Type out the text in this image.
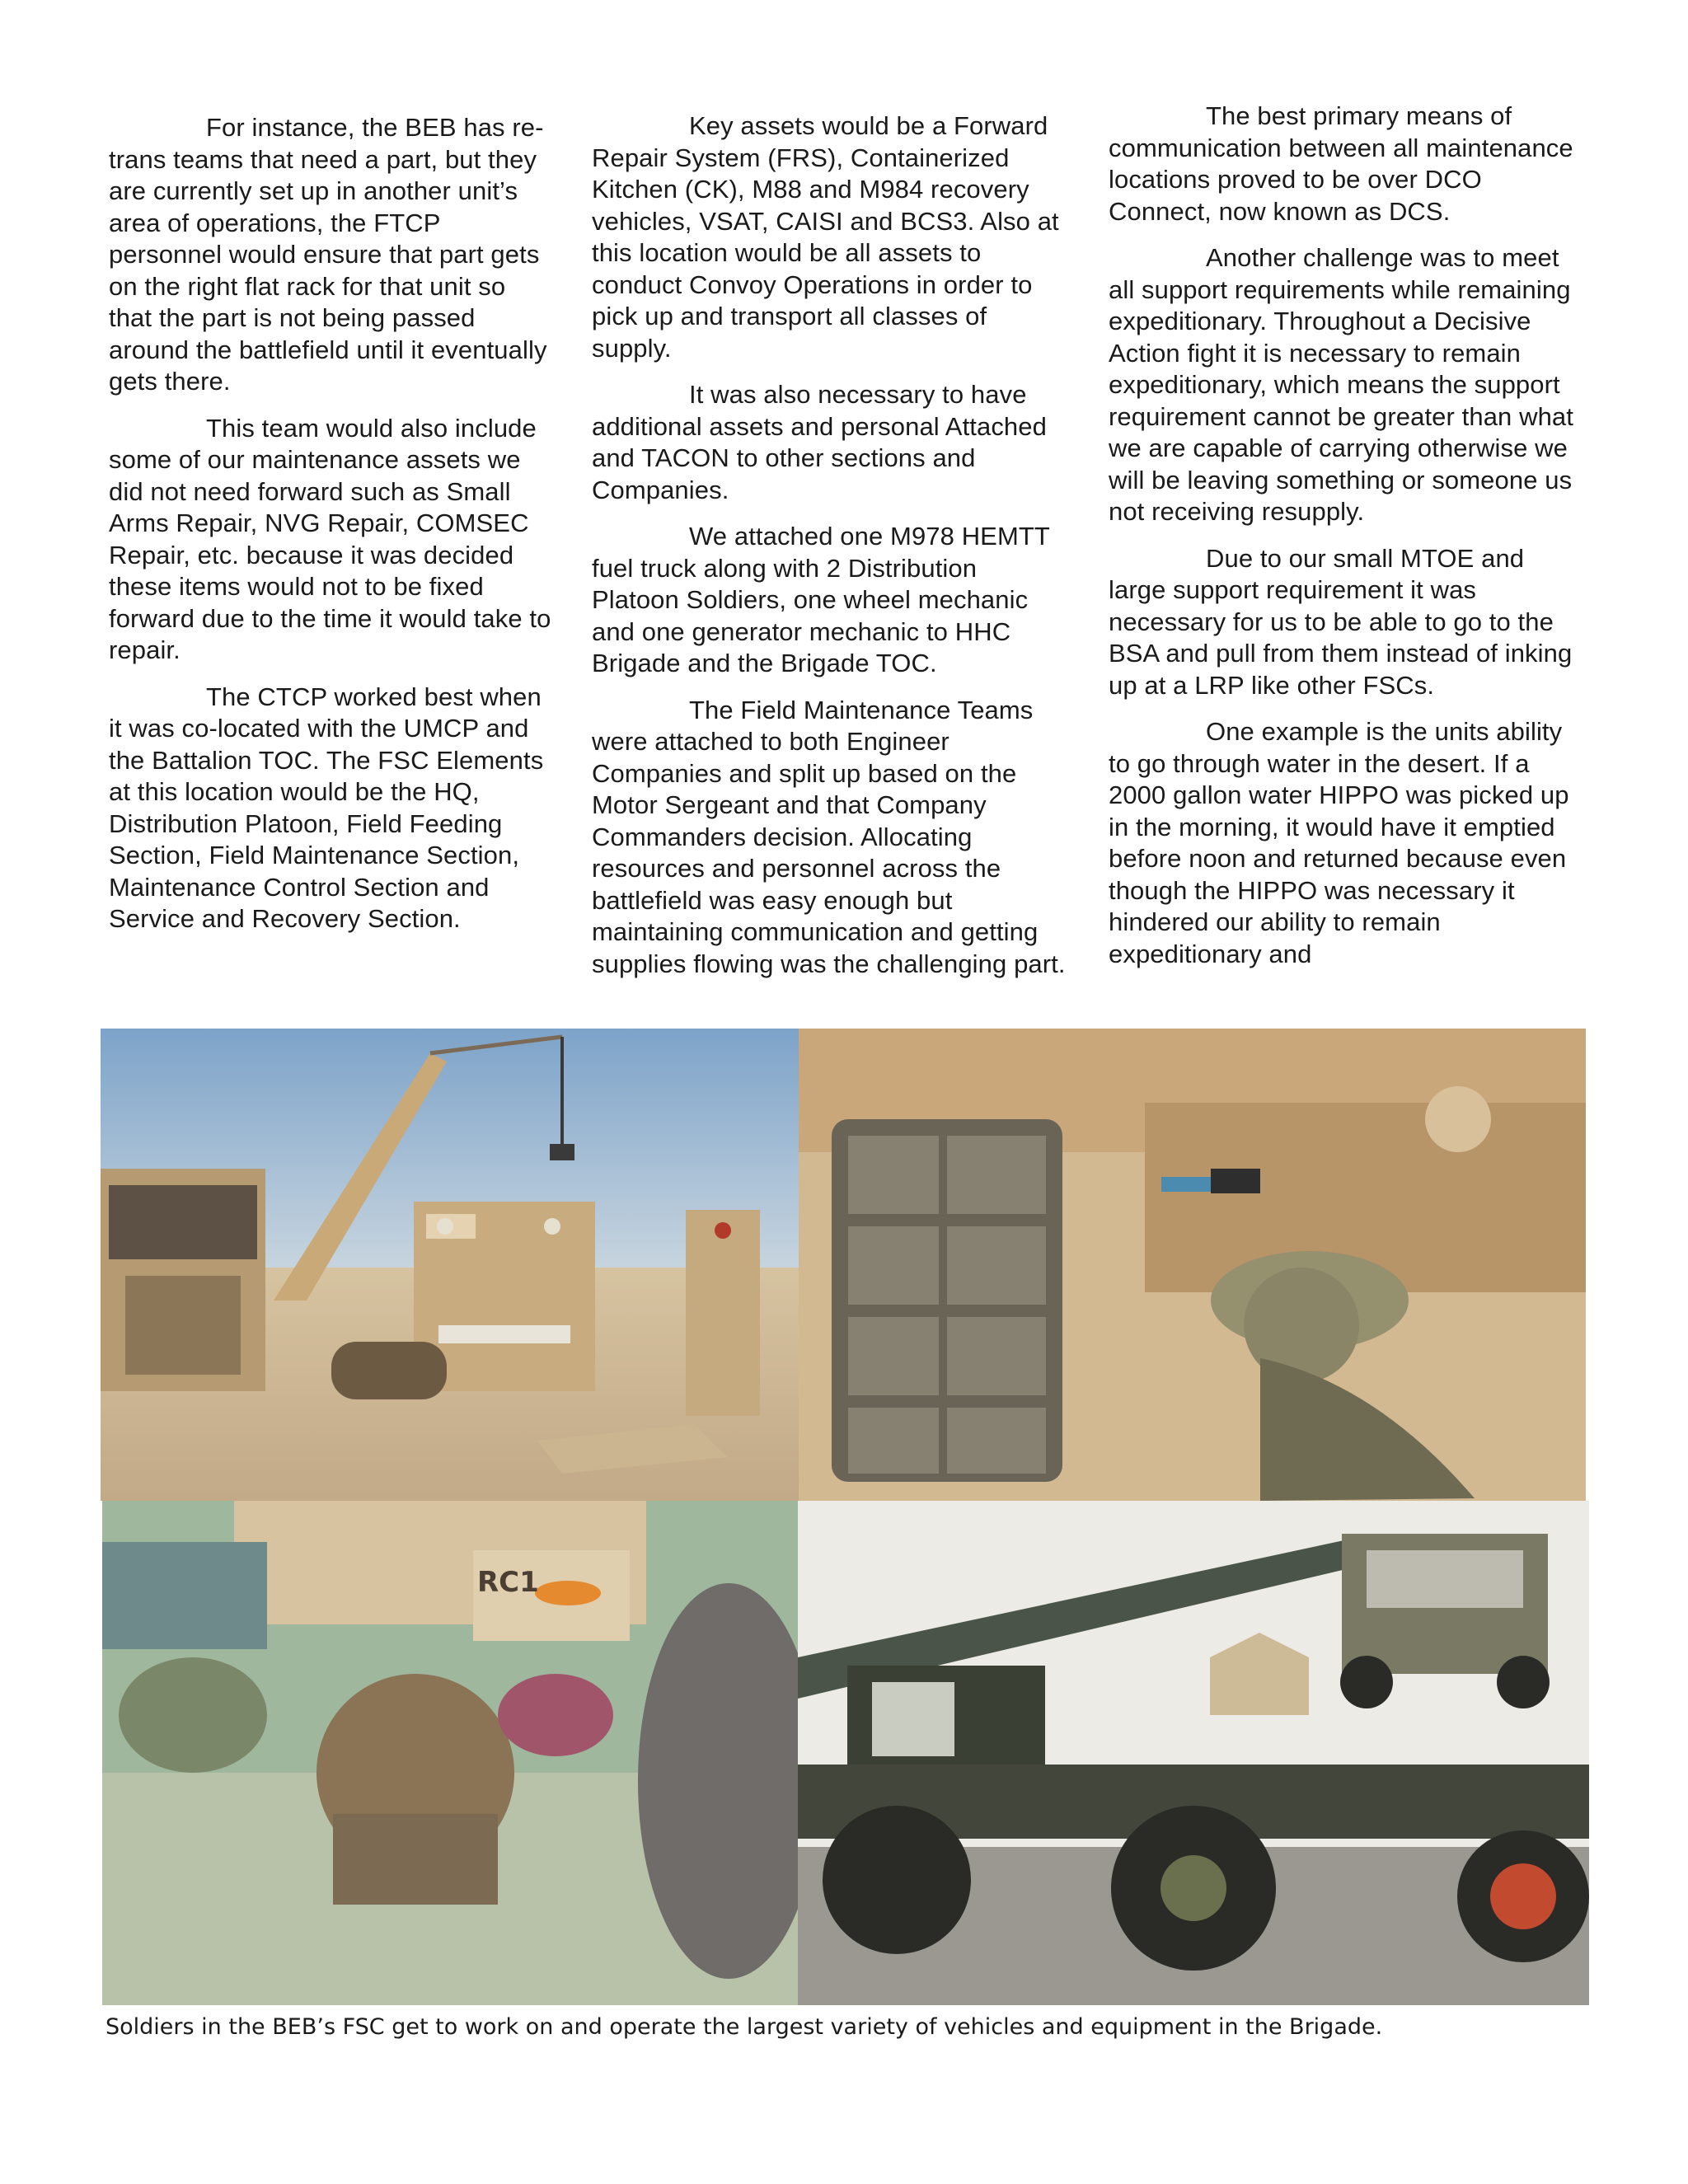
For instance, the BEB has re-trans teams that need a part, but they are currently set up in another unit’s area of operations, the FTCP personnel would ensure that part gets on the right flat rack for that unit so that the part is not being passed around the battlefield until it eventually gets there.

This team would also include some of our maintenance assets we did not need forward such as Small Arms Repair, NVG Repair, COMSEC Repair, etc. because it was decided these items would not to be fixed forward due to the time it would take to repair.

The CTCP worked best when it was co-located with the UMCP and the Battalion TOC. The FSC Elements at this location would be the HQ, Distribution Platoon, Field Feeding Section, Field Maintenance Section, Maintenance Control Section and Service and Recovery Section.

Key assets would be a Forward Repair System (FRS), Containerized Kitchen (CK), M88 and M984 recovery vehicles, VSAT, CAISI and BCS3. Also at this location would be all assets to conduct Convoy Operations in order to pick up and transport all classes of supply.

It was also necessary to have additional assets and personal Attached and TACON to other sections and Companies.

We attached one M978 HEMTT fuel truck along with 2 Distribution Platoon Soldiers, one wheel mechanic and one generator mechanic to HHC Brigade and the Brigade TOC.

The Field Maintenance Teams were attached to both Engineer Companies and split up based on the Motor Sergeant and that Company Commanders decision. Allocating resources and personnel across the battlefield was easy enough but maintaining communication and getting supplies flowing was the challenging part.

The best primary means of communication between all maintenance locations proved to be over DCO Connect, now known as DCS.

Another challenge was to meet all support requirements while remaining expeditionary. Throughout a Decisive Action fight it is necessary to remain expeditionary, which means the support requirement cannot be greater than what we are capable of carrying otherwise we will be leaving something or someone us not receiving resupply.

Due to our small MTOE and large support requirement it was necessary for us to be able to go to the BSA and pull from them instead of inking up at a LRP like other FSCs.

One example is the units ability to go through water in the desert. If a 2000 gallon water HIPPO was picked up in the morning, it would have it emptied before noon and returned because even though the HIPPO was necessary it hindered our ability to remain expeditionary and

RC1
Soldiers in the BEB’s FSC get to work on and operate the largest variety of vehicles and equipment in the Brigade.
